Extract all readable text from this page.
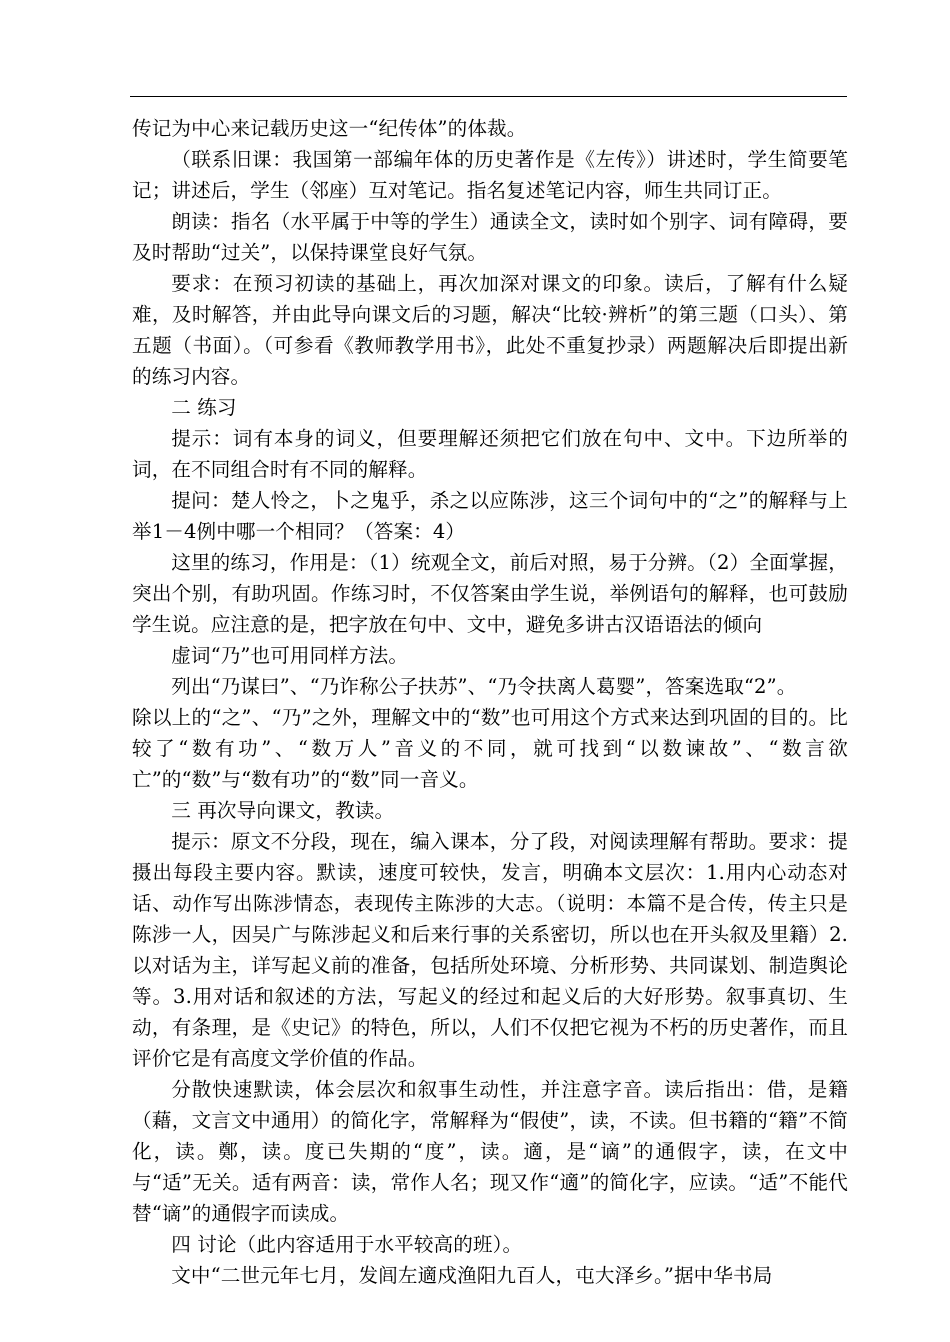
传记为中心来记载历史这一“纪传体”的体裁。

（联系旧课：我国第一部编年体的历史著作是《左传》）讲述时，学生简要笔记；讲述后，学生（邻座）互对笔记。指名复述笔记内容，师生共同订正。

朗读：指名（水平属于中等的学生）通读全文，读时如个别字、词有障碍，要及时帮助“过关”，以保持课堂良好气氛。

要求：在预习初读的基础上，再次加深对课文的印象。读后，了解有什么疑难，及时解答，并由此导向课文后的习题，解决“比较·辨析”的第三题（口头）、第五题（书面）。（可参看《教师教学用书》，此处不重复抄录）两题解决后即提出新的练习内容。

二 练习

提示：词有本身的词义，但要理解还须把它们放在句中、文中。下边所举的词，在不同组合时有不同的解释。

提问：楚人怜之，卜之鬼乎，杀之以应陈涉，这三个词句中的“之”的解释与上举1－4例中哪一个相同？（答案：4）

这里的练习，作用是：（1）统观全文，前后对照，易于分辨。（2）全面掌握，突出个别，有助巩固。作练习时，不仅答案由学生说，举例语句的解释，也可鼓励学生说。应注意的是，把字放在句中、文中，避免多讲古汉语语法的倾向

虚词“乃”也可用同样方法。

列出“乃谋曰”、“乃诈称公子扶苏”、“乃令扶离人葛婴”，答案选取“2”。

除以上的“之”、“乃”之外，理解文中的“数”也可用这个方式来达到巩固的目的。比较了“数有功”、“数万人”音义的不同，就可找到“以数谏故”、“数言欲亡”的“数”与“数有功”的“数”同一音义。

三 再次导向课文，教读。

提示：原文不分段，现在，编入课本，分了段，对阅读理解有帮助。要求：提摄出每段主要内容。默读，速度可较快，发言，明确本文层次：1.用内心动态对话、动作写出陈涉情态，表现传主陈涉的大志。（说明：本篇不是合传，传主只是陈涉一人，因吴广与陈涉起义和后来行事的关系密切，所以也在开头叙及里籍）2.以对话为主，详写起义前的准备，包括所处环境、分析形势、共同谋划、制造舆论等。3.用对话和叙述的方法，写起义的经过和起义后的大好形势。叙事真切、生动，有条理，是《史记》的特色，所以，人们不仅把它视为不朽的历史著作，而且评价它是有高度文学价值的作品。

分散快速默读，体会层次和叙事生动性，并注意字音。读后指出：借，是籍（藉，文言文中通用）的简化字，常解释为“假使”，读，不读。但书籍的“籍”不简化，读。鄭，读。度已失期的“度”，读。適，是“谪”的通假字，读，在文中与“适”无关。适有两音：读，常作人名；现又作“適”的简化字，应读。“适”不能代替“谪”的通假字而读成。

四 讨论（此内容适用于水平较高的班）。

文中“二世元年七月，发闾左適戍渔阳九百人，屯大泽乡。”据中华书局
